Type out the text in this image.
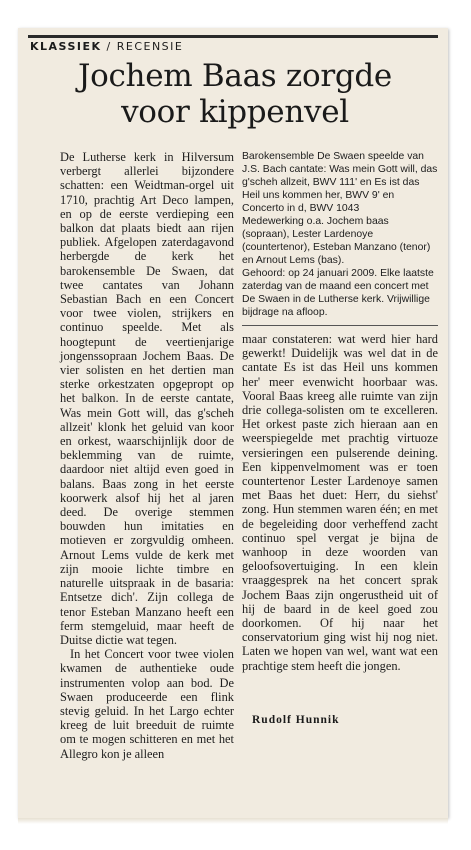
KLASSIEK / RECENSIE
Jochem Baas zorgde
voor kippenvel

De Lutherse kerk in Hilversum verbergt allerlei bijzondere schatten: een Weidtman-orgel uit 1710, prachtig Art Deco lampen, en op de eerste verdieping een balkon dat plaats biedt aan rijen publiek. Afgelopen zaterdagavond herbergde de kerk het barokensemble De Swaen, dat twee cantates van Johann Sebastian Bach en een Concert voor twee violen, strijkers en continuo speelde. Met als hoogtepunt de veertienjarige jongenssopraan Jochem Baas. De vier solisten en het dertien man sterke orkestzaten opgepropt op het balkon. In de eerste cantate, Was mein Gott will, das g'scheh allzeit' klonk het geluid van koor en orkest, waarschijnlijk door de beklemming van de ruimte, daardoor niet altijd even goed in balans. Baas zong in het eerste koorwerk alsof hij het al jaren deed. De overige stemmen bouwden hun imitaties en motieven er zorgvuldig omheen. Arnout Lems vulde de kerk met zijn mooie lichte timbre en naturelle uitspraak in de basaria: Entsetze dich'. Zijn collega de tenor Esteban Manzano heeft een ferm stemgeluid, maar heeft de Duitse dictie wat tegen.

In het Concert voor twee violen kwamen de authentieke oude instrumenten volop aan bod. De Swaen produceerde een flink stevig geluid. In het Largo echter kreeg de luit breeduit de ruimte om te mogen schitteren en met het Allegro kon je alleen

Barokensemble De Swaen speelde van J.S. Bach cantate: Was mein Gott will, das g'scheh allzeit, BWV 111' en Es ist das Heil uns kommen her, BWV 9' en Concerto in d, BWV 1043

Medewerking o.a. Jochem baas (sopraan), Lester Lardenoye (countertenor), Esteban Manzano (tenor) en Arnout Lems (bas).

Gehoord: op 24 januari 2009. Elke laatste zaterdag van de maand een concert met De Swaen in de Lutherse kerk. Vrijwillige bijdrage na afloop.

maar constateren: wat werd hier hard gewerkt! Duidelijk was wel dat in de cantate Es ist das Heil uns kommen her' meer evenwicht hoorbaar was. Vooral Baas kreeg alle ruimte van zijn drie collega-solisten om te excelleren. Het orkest paste zich hieraan aan en weerspiegelde met prachtig virtuoze versieringen een pulserende deining. Een kippenvelmoment was er toen countertenor Lester Lardenoye samen met Baas het duet: Herr, du siehst' zong. Hun stemmen waren één; en met de begeleiding door verheffend zacht continuo spel vergat je bijna de wanhoop in deze woorden van geloofsovertuiging. In een klein vraaggesprek na het concert sprak Jochem Baas zijn ongerustheid uit of hij de baard in de keel goed zou doorkomen. Of hij naar het conservatorium ging wist hij nog niet. Laten we hopen van wel, want wat een prachtige stem heeft die jongen.

Rudolf Hunnik
